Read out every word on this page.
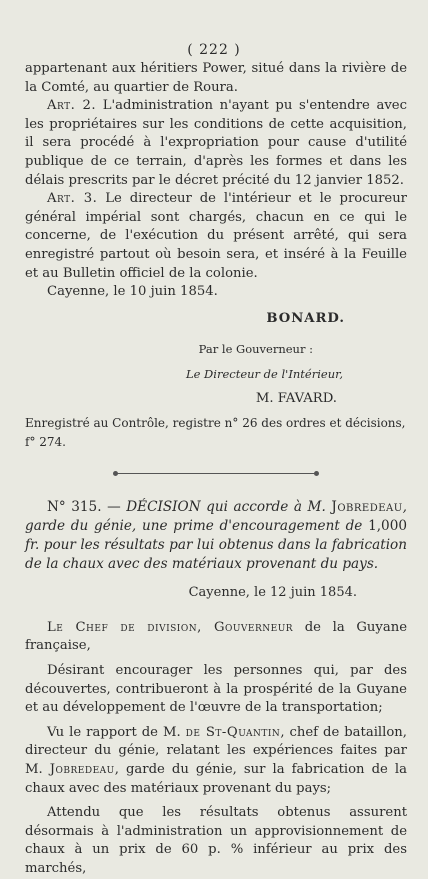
( 222 )

appartenant aux héritiers Power, situé dans la rivière de la Comté, au quartier de Roura.

Art. 2. L'administration n'ayant pu s'entendre avec les propriétaires sur les conditions de cette acquisition, il sera procédé à l'expropriation pour cause d'utilité publique de ce terrain, d'après les formes et dans les délais prescrits par le décret précité du 12 janvier 1852.

Art. 3. Le directeur de l'intérieur et le procureur général impérial sont chargés, chacun en ce qui le concerne, de l'exécution du présent arrêté, qui sera enregistré partout où besoin sera, et inséré à la Feuille et au Bulletin officiel de la colonie.

Cayenne, le 10 juin 1854.

BONARD.

Par le Gouverneur :

Le Directeur de l'Intérieur,

M. FAVARD.

Enregistré au Contrôle, registre n° 26 des ordres et décisions, f° 274.

N° 315. — DÉCISION qui accorde à M. Jobredeau, garde du génie, une prime d'encouragement de 1,000 fr. pour les résultats par lui obtenus dans la fabrication de la chaux avec des matériaux provenant du pays.

Cayenne, le 12 juin 1854.

Le Chef de division, Gouverneur de la Guyane française,

Désirant encourager les personnes qui, par des découvertes, contribueront à la prospérité de la Guyane et au développement de l'œuvre de la transportation;

Vu le rapport de M. de St-Quantin, chef de bataillon, directeur du génie, relatant les expériences faites par M. Jobredeau, garde du génie, sur la fabrication de la chaux avec des matériaux provenant du pays;

Attendu que les résultats obtenus assurent désormais à l'administration un approvisionnement de chaux à un prix de 60 p. % inférieur au prix des marchés,
